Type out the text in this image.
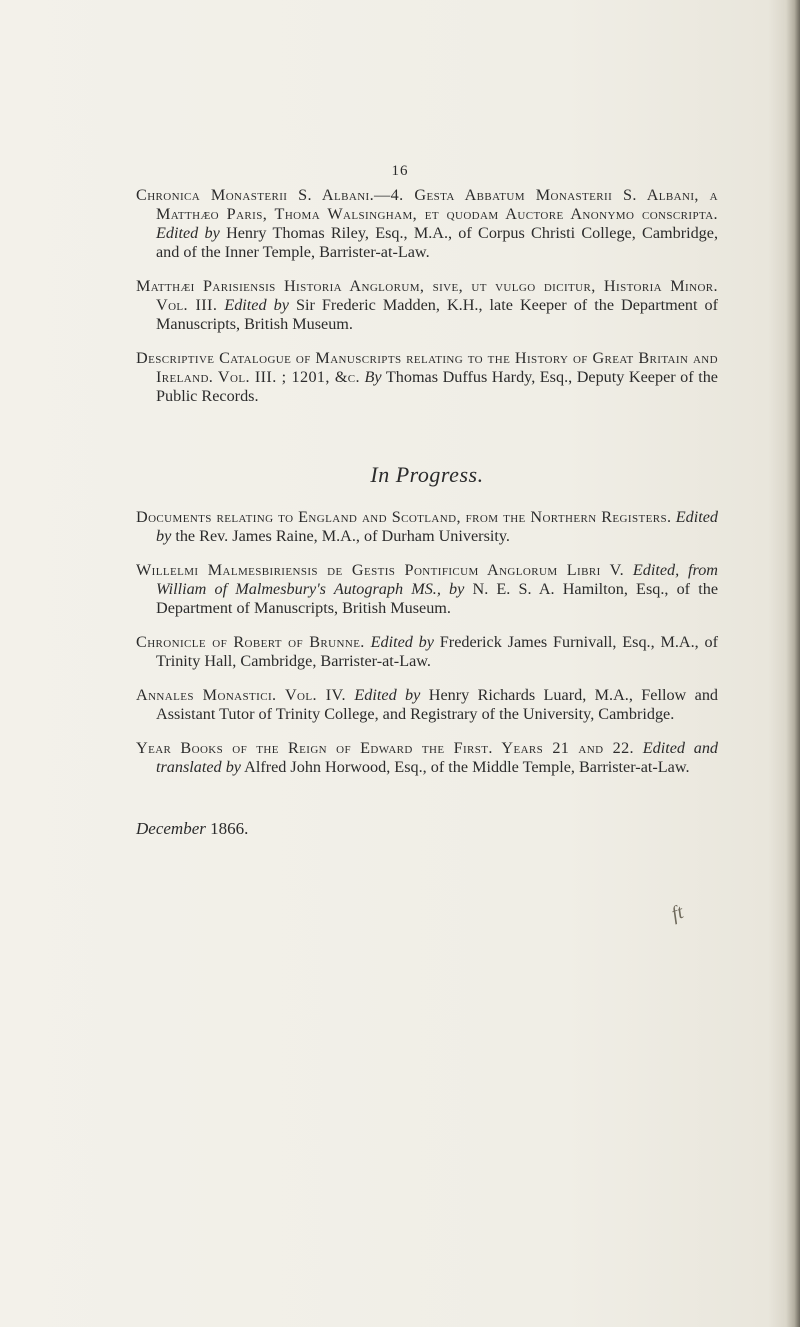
16

Chronica Monasterii S. Albani.—4. Gesta Abbatum Monasterii S. Albani, a Matthæo Paris, Thoma Walsingham, et quodam Auctore Anonymo conscripta. Edited by Henry Thomas Riley, Esq., M.A., of Corpus Christi College, Cambridge, and of the Inner Temple, Barrister-at-Law.

Matthæi Parisiensis Historia Anglorum, sive, ut vulgo dicitur, Historia Minor. Vol. III. Edited by Sir Frederic Madden, K.H., late Keeper of the Department of Manuscripts, British Museum.

Descriptive Catalogue of Manuscripts relating to the History of Great Britain and Ireland. Vol. III. ; 1201, &c. By Thomas Duffus Hardy, Esq., Deputy Keeper of the Public Records.

In Progress.

Documents relating to England and Scotland, from the Northern Registers. Edited by the Rev. James Raine, M.A., of Durham University.

Willelmi Malmesbiriensis de Gestis Pontificum Anglorum Libri V. Edited, from William of Malmesbury's Autograph MS., by N. E. S. A. Hamilton, Esq., of the Department of Manuscripts, British Museum.

Chronicle of Robert of Brunne. Edited by Frederick James Furnivall, Esq., M.A., of Trinity Hall, Cambridge, Barrister-at-Law.

Annales Monastici. Vol. IV. Edited by Henry Richards Luard, M.A., Fellow and Assistant Tutor of Trinity College, and Registrary of the University, Cambridge.

Year Books of the Reign of Edward the First. Years 21 and 22. Edited and translated by Alfred John Horwood, Esq., of the Middle Temple, Barrister-at-Law.

December 1866.
ft
